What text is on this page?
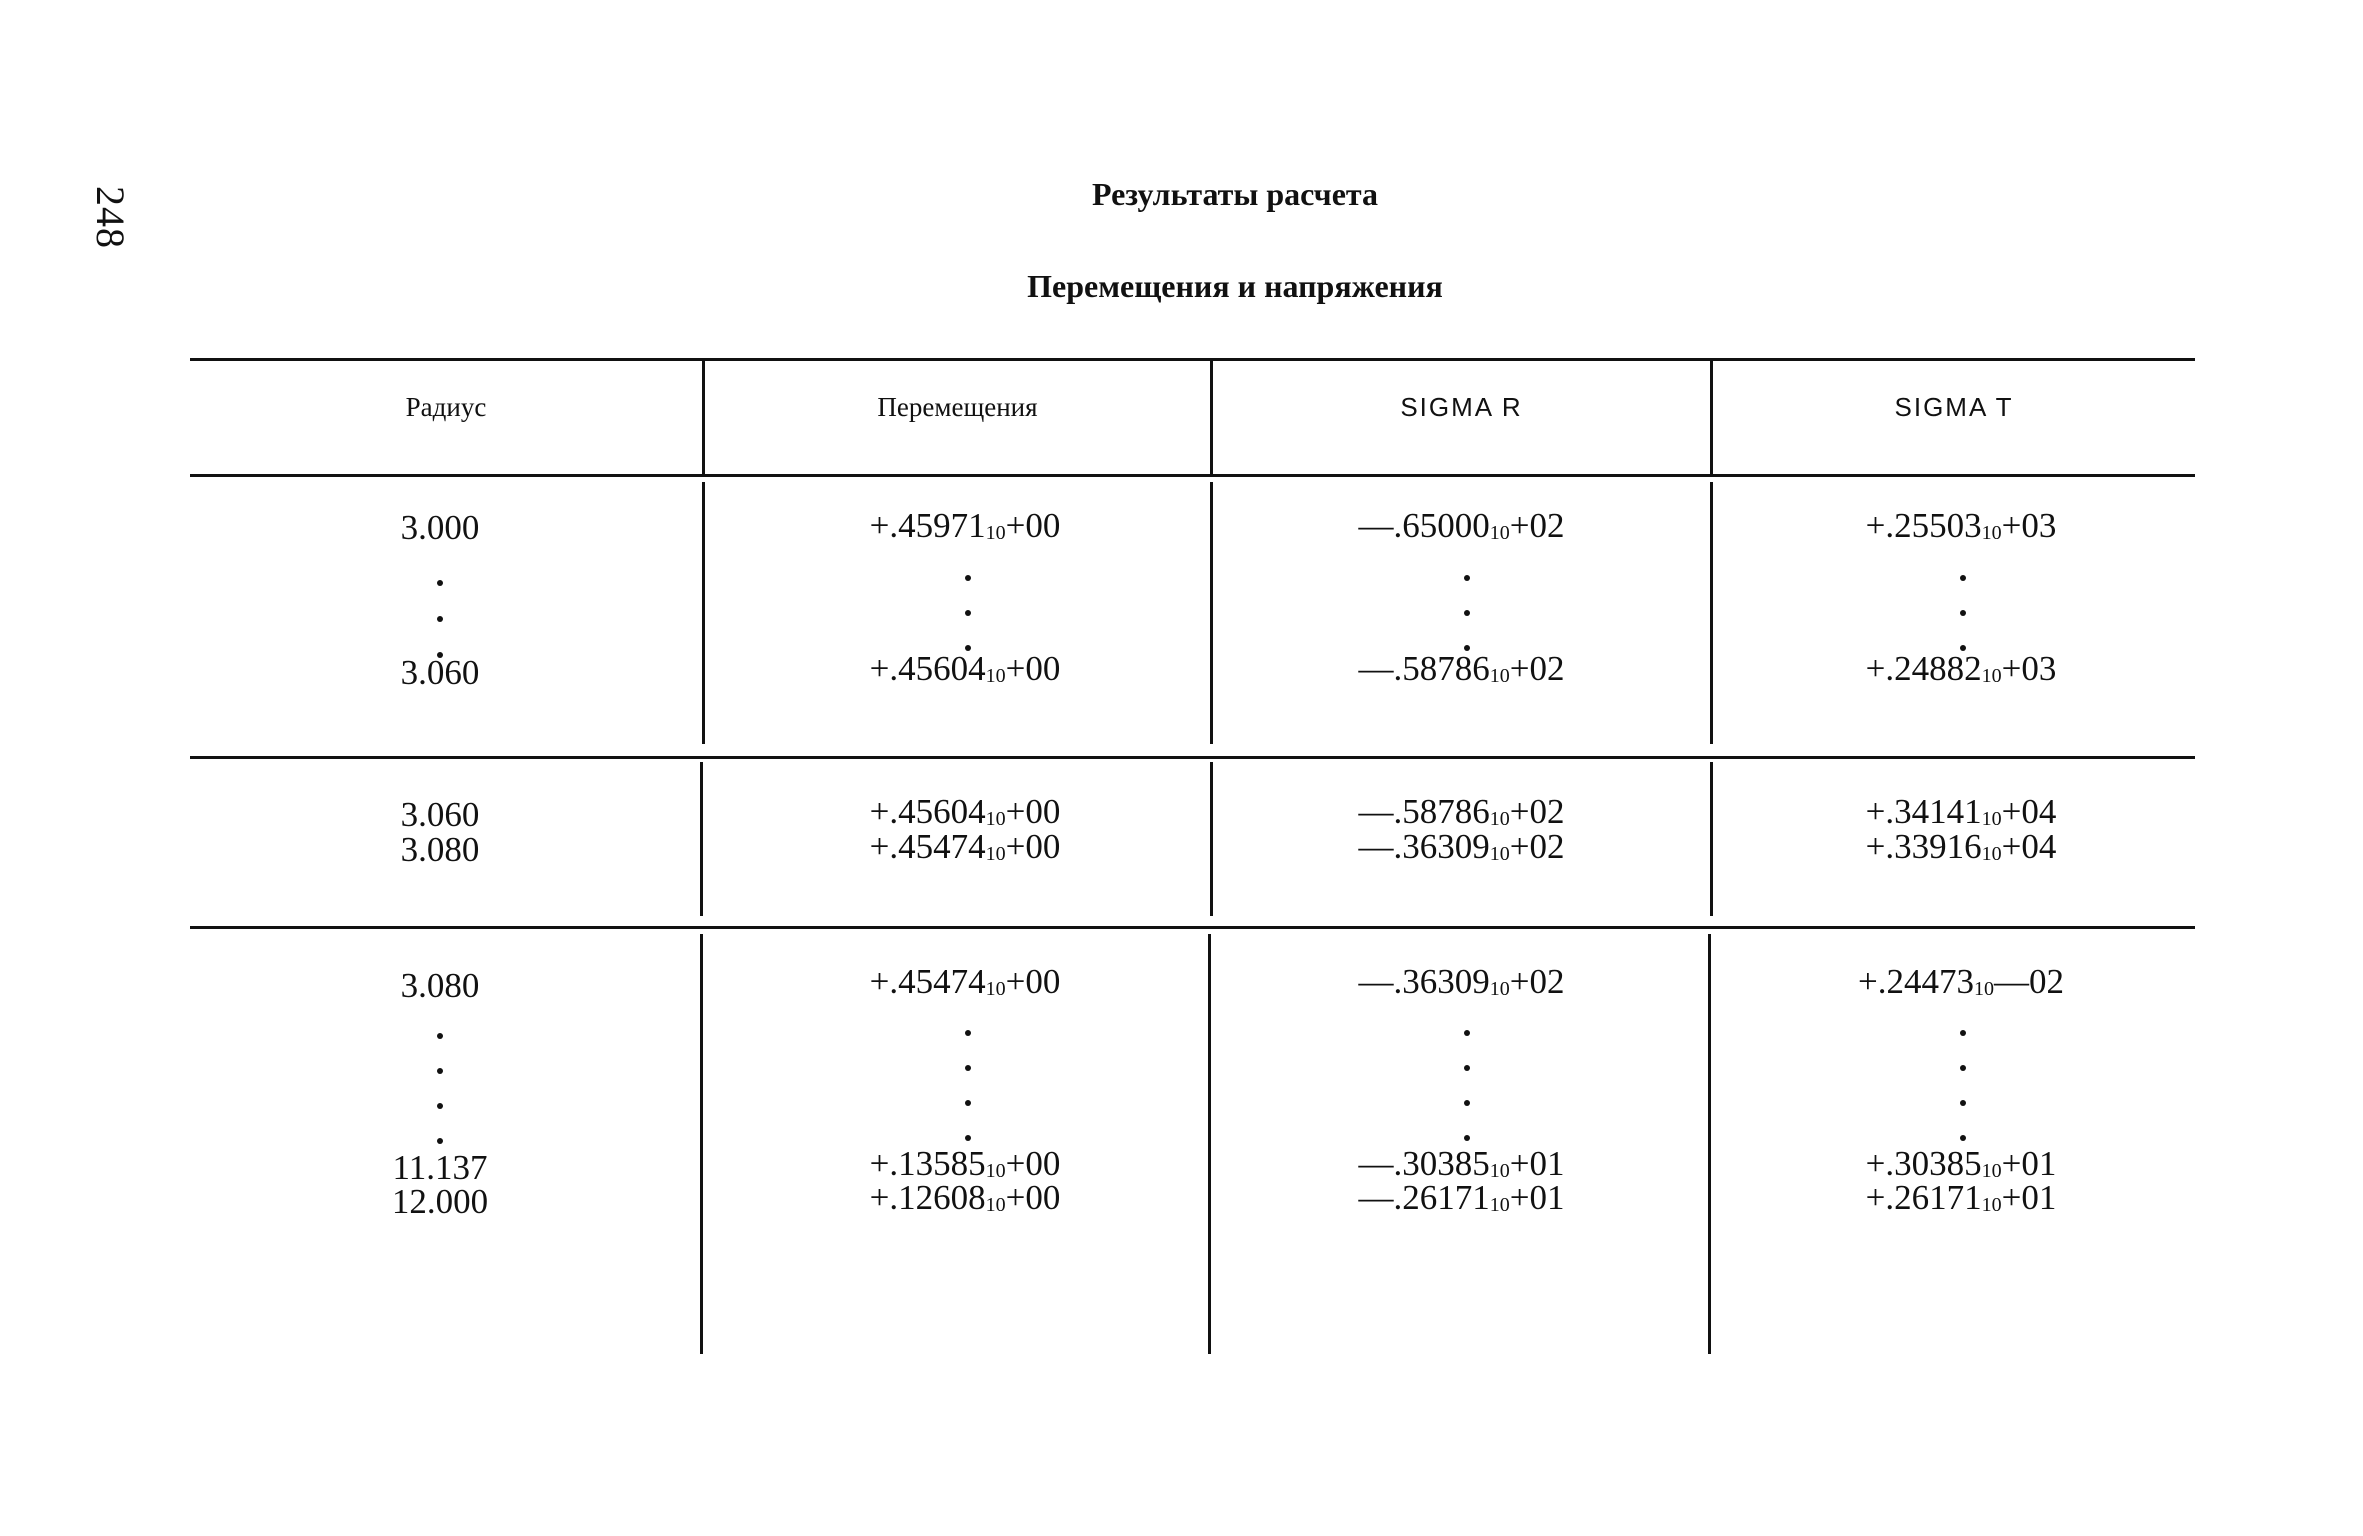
248	Результаты расчета
Перемещения и напряжения
Радиус	Перемещения	SIGMA R	SIGMA T
3.000	$+.45971_{10}+00$	$—.65000_{10}+02$	$+.25503_{10}+03$
3.060	$+.45604_{10}+00$	$—.58786_{10}+02$	$+.24882_{10}+03$
3.060	$+.45604_{10}+00$	$—.58786_{10}+02$	$+.34141_{10}+04$
3.080	$+.45474_{10}+00$	$—.36309_{10}+02$	$+.33916_{10}+04$
3.080	$+.45474_{10}+00$	$—.36309_{10}+02$	$+.24473_{10}—02$
11.137	$+.13585_{10}+00$	$—.30385_{10}+01$	$+.30385_{10}+01$
12.000	$+.12608_{10}+00$	$—.26171_{10}+01$	$+.26171_{10}+01$
